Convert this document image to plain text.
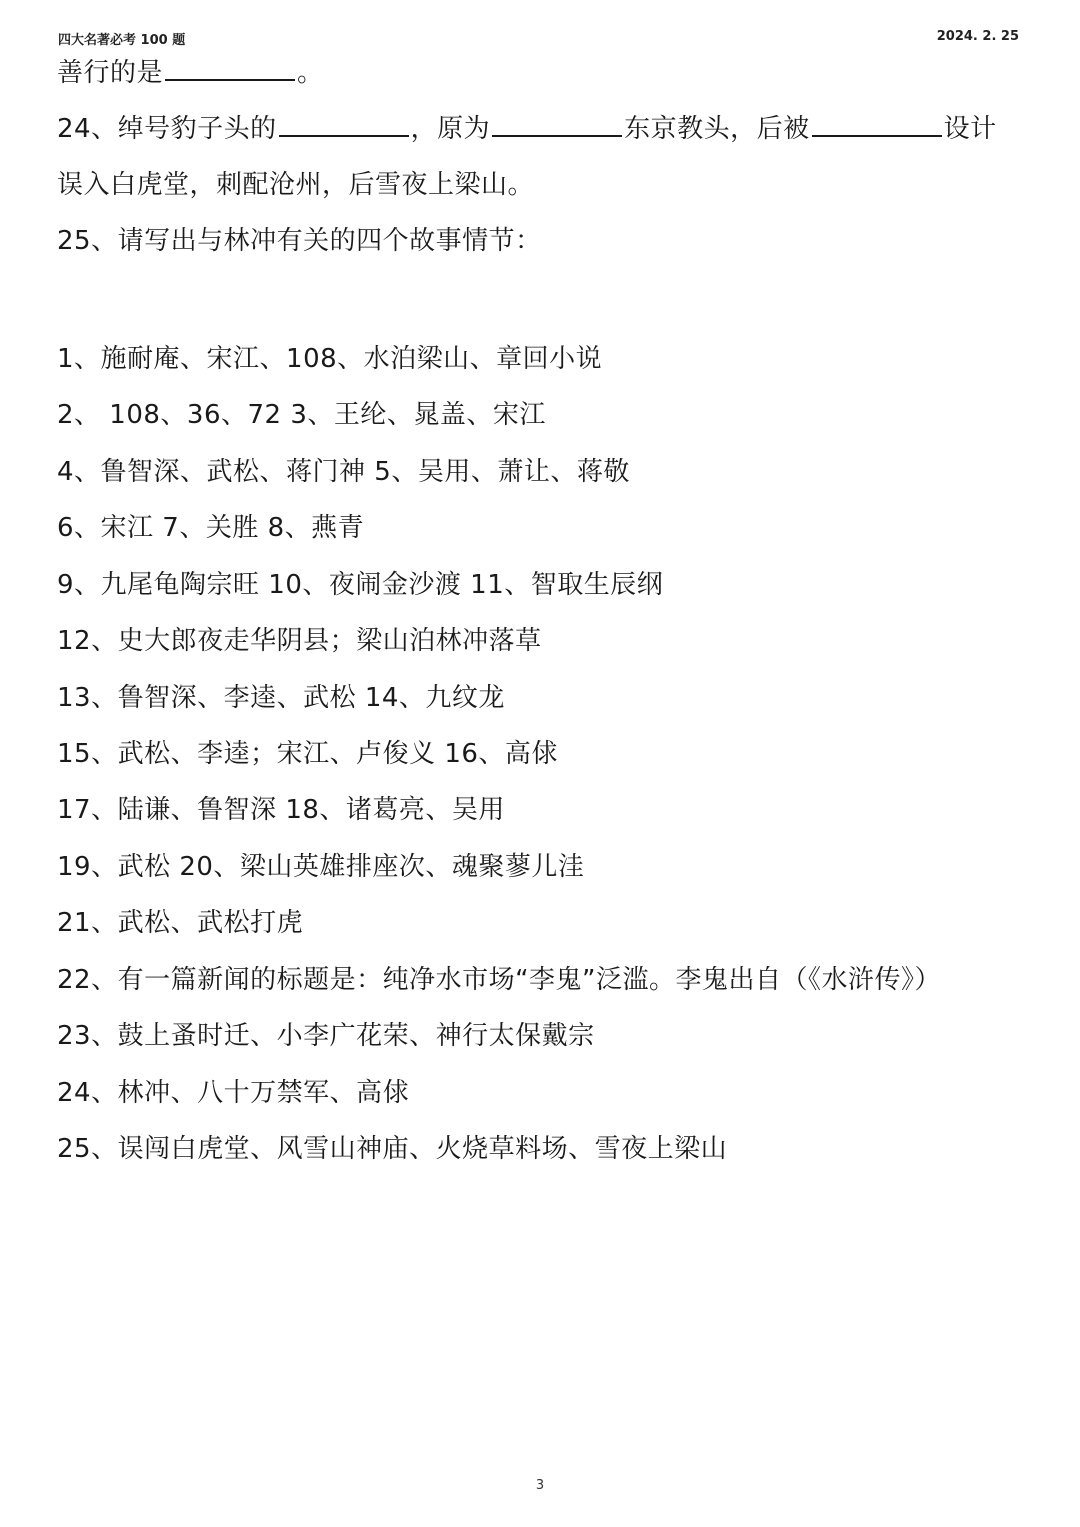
四大名著必考 100 题	2024. 2. 25
善行的是	。
24、绰号豹子头的	，原为	东京教头，后被	设计
误入白虎堂，刺配沧州，后雪夜上梁山。
25、请写出与林冲有关的四个故事情节：
1、施耐庵、宋江、108、水泊梁山、章回小说
2、 108、36、72 3、王纶、晁盖、宋江
4、鲁智深、武松、蒋门神 5、吴用、萧让、蒋敬
6、宋江 7、关胜 8、燕青
9、九尾龟陶宗旺 10、夜闹金沙渡 11、智取生辰纲
12、史大郎夜走华阴县；梁山泊林冲落草
13、鲁智深、李逵、武松 14、九纹龙
15、武松、李逵；宋江、卢俊义 16、高俅
17、陆谦、鲁智深 18、诸葛亮、吴用
19、武松 20、梁山英雄排座次、魂聚蓼儿洼
21、武松、武松打虎
22、有一篇新闻的标题是：纯净水市场“李鬼”泛滥。李鬼出自（《水浒传》）
23、鼓上蚤时迁、小李广花荣、神行太保戴宗
24、林冲、八十万禁军、高俅
25、误闯白虎堂、风雪山神庙、火烧草料场、雪夜上梁山
3
